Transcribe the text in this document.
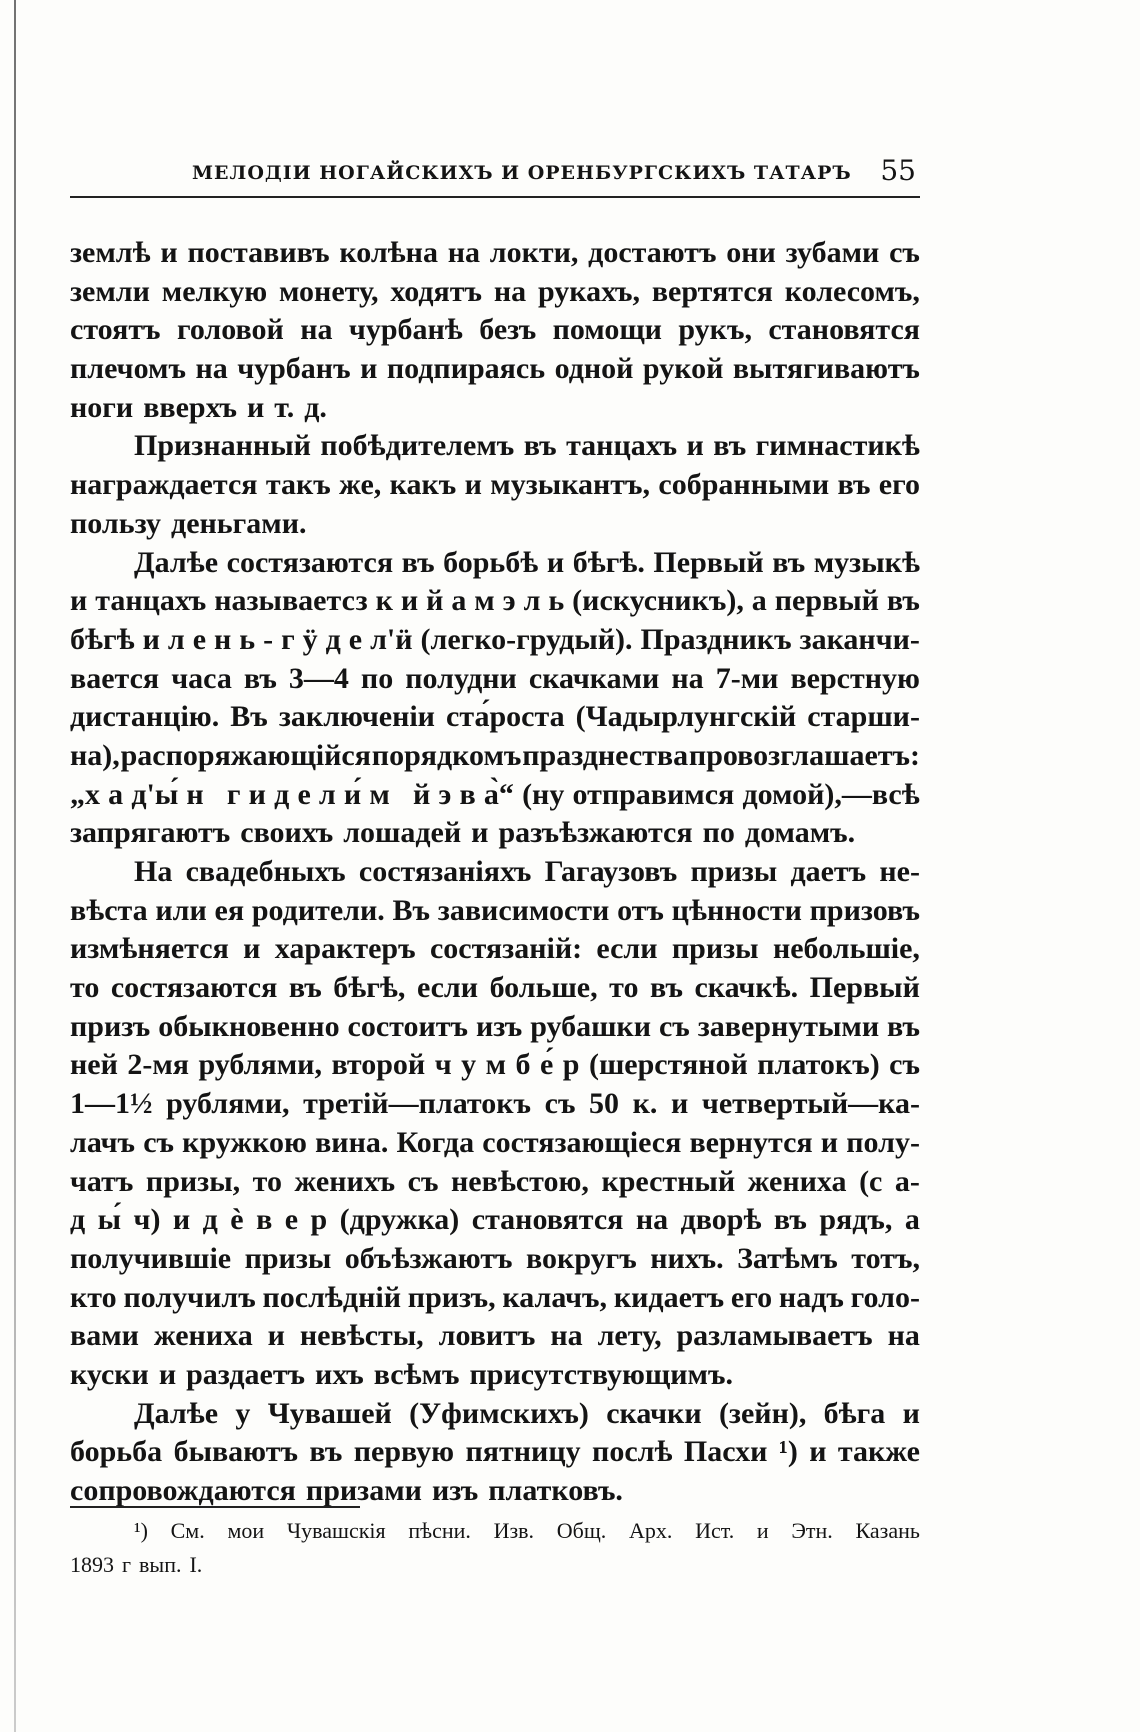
МЕЛОДІИ НОГАЙСКИХЪ И ОРЕНБУРГСКИХЪ ТАТАРЪ 55
землѣ и поставивъ колѣна на локти, достаютъ они зубами съ
земли мелкую монету, ходятъ на рукахъ, вертятся колесомъ,
стоятъ головой на чурбанѣ безъ помощи рукъ, становятся
плечомъ на чурбанъ и подпираясь одной рукой вытягиваютъ
ноги вверхъ и т. д.
Признанный побѣдителемъ въ танцахъ и въ гимнастикѣ
награждается такъ же, какъ и музыкантъ, собранными въ его
пользу деньгами.
Далѣе состязаются въ борьбѣ и бѣгѣ. Первый въ музыкѣ
и танцахъ называетсз к и й а м э л ь (искусникъ), а первый въ
бѣгѣ и л е н ь - г ӱ д е л'ӥ (легко-грудый). Праздникъ заканчи-
вается часа въ 3—4 по полудни скачками на 7-ми верстную
дистанцію. Въ заключеніи ста́роста (Чадырлунгскій старши-
на), распоряжающійся порядкомъ празднества провозглашаетъ:
„х а д'ы́ н г и д е л и́ м й э в а̀“ (ну отправимся домой),—всѣ
запрягаютъ своихъ лошадей и разъѣзжаются по домамъ.
На свадебныхъ состязаніяхъ Гагаузовъ призы даетъ не-
вѣста или ея родители. Въ зависимости отъ цѣнности призовъ
измѣняется и характеръ состязаній: если призы небольшіе,
то состязаются въ бѣгѣ, если больше, то въ скачкѣ. Первый
призъ обыкновенно состоитъ изъ рубашки съ завернутыми въ
ней 2-мя рублями, второй ч у м б е́ р (шерстяной платокъ) съ
1—1½ рублями, третій—платокъ съ 50 к. и четвертый—ка-
лачъ съ кружкою вина. Когда состязающіеся вернутся и полу-
чатъ призы, то женихъ съ невѣстою, крестный жениха (с а-
д ы́ ч) и д ѐ в е р (дружка) становятся на дворѣ въ рядъ, а
получившіе призы объѣзжаютъ вокругъ нихъ. Затѣмъ тотъ,
кто получилъ послѣдній призъ, калачъ, кидаетъ его надъ голо-
вами жениха и невѣсты, ловитъ на лету, разламываетъ на
куски и раздаетъ ихъ всѣмъ присутствующимъ.
Далѣе у Чувашей (Уфимскихъ) скачки (зейн), бѣга и
борьба бываютъ въ первую пятницу послѣ Пасхи ¹) и также
сопровождаются призами изъ платковъ.
¹) См. мои Чувашскія пѣсни. Изв. Общ. Арх. Ист. и Этн. Казань
1893 г вып. I.
